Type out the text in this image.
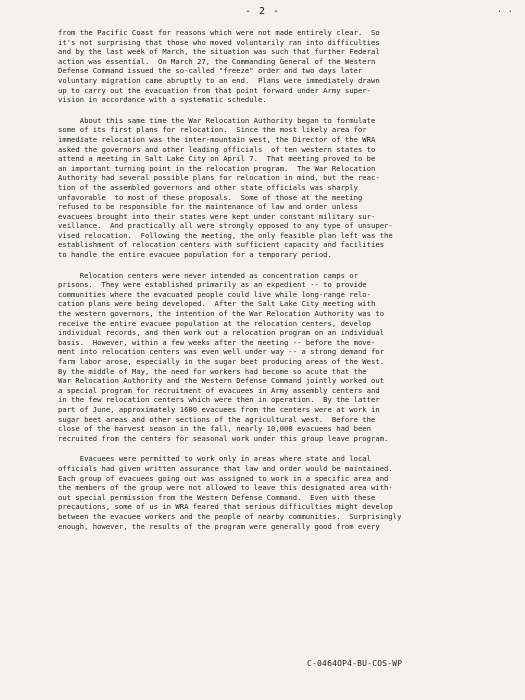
- 2 -	. .
from the Pacific Coast for reasons which were not made entirely clear.  So
it's not surprising that those who moved voluntarily ran into difficulties
and by the last week of March, the situation was such that further Federal
action was essential.  On March 27, the Commanding General of the Western
Defense Command issued the so-called "freeze" order and two days later
voluntary migration came abruptly to an end.  Plans were immediately drawn
up to carry out the evacuation from that point forward under Army super-
vision in accordance with a systematic schedule.
About this same time the War Relocation Authority began to formulate
some of its first plans for relocation.  Since the most likely area for
immediate relocation was the inter-mountain west, the Director of the WRA
asked the governors and other leading officials  of ten western states to
attend a meeting in Salt Lake City on April 7.  That meeting proved to be
an important turning point in the relocation program.  The War Relocation
Authority had several possible plans for relocation in mind, but the reac-
tion of the assembled governors and other state officials was sharply
unfavorable  to most of these proposals.  Some of those at the meeting
refused to be responsible for the maintenance of law and order unless
evacuees brought into their states were kept under constant military sur-
veillance.  And practically all were strongly opposed to any type of unsuper-
vised relocation.  Following the meeting, the only feasible plan left was the
establishment of relocation centers with sufficient capacity and facilities
to handle the entire evacuee population for a temporary period.
Relocation centers were never intended as concentration camps or
prisons.  They were established primarily as an expedient -- to provide
communities where the evacuated people could live while long-range relo-
cation plans were being developed.  After the Salt Lake City meeting with
the western governors, the intention of the War Relocation Authority was to
receive the entire evacuee population at the relocation centers, develop
individual records, and then work out a relocation program on an individual
basis.  However, within a few weeks after the meeting -- before the move-
ment into relocation centers was even well under way -- a strong demand for
farm labor arose, especially in the sugar beet producing areas of the West.
By the middle of May, the need for workers had become so acute that the
War Relocation Authority and the Western Defense Command jointly worked out
a special program for recruitment of evacuees in Army assembly centers and
in the few relocation centers which were then in operation.  By the latter
part of June, approximately 1600 evacuees from the centers were at work in
sugar beet areas and other sections of the agricultural west.  Before the
close of the harvest season in the fall, nearly 10,000 evacuees had been
recruited from the centers for seasonal work under this group leave program.
Evacuees were permitted to work only in areas where state and local
officials had given written assurance that law and order would be maintained.
Each group of evacuees going out was assigned to work in a specific area and
the members of the group were not allowed to leave this designated area with-
out special permission from the Western Defense Command.  Even with these
precautions, some of us in WRA feared that serious difficulties might develop
between the evacuee workers and the people of nearby communities.  Surprisingly
enough, however, the results of the program were generally good from every
C-0464OP4-BU-COS-WP
